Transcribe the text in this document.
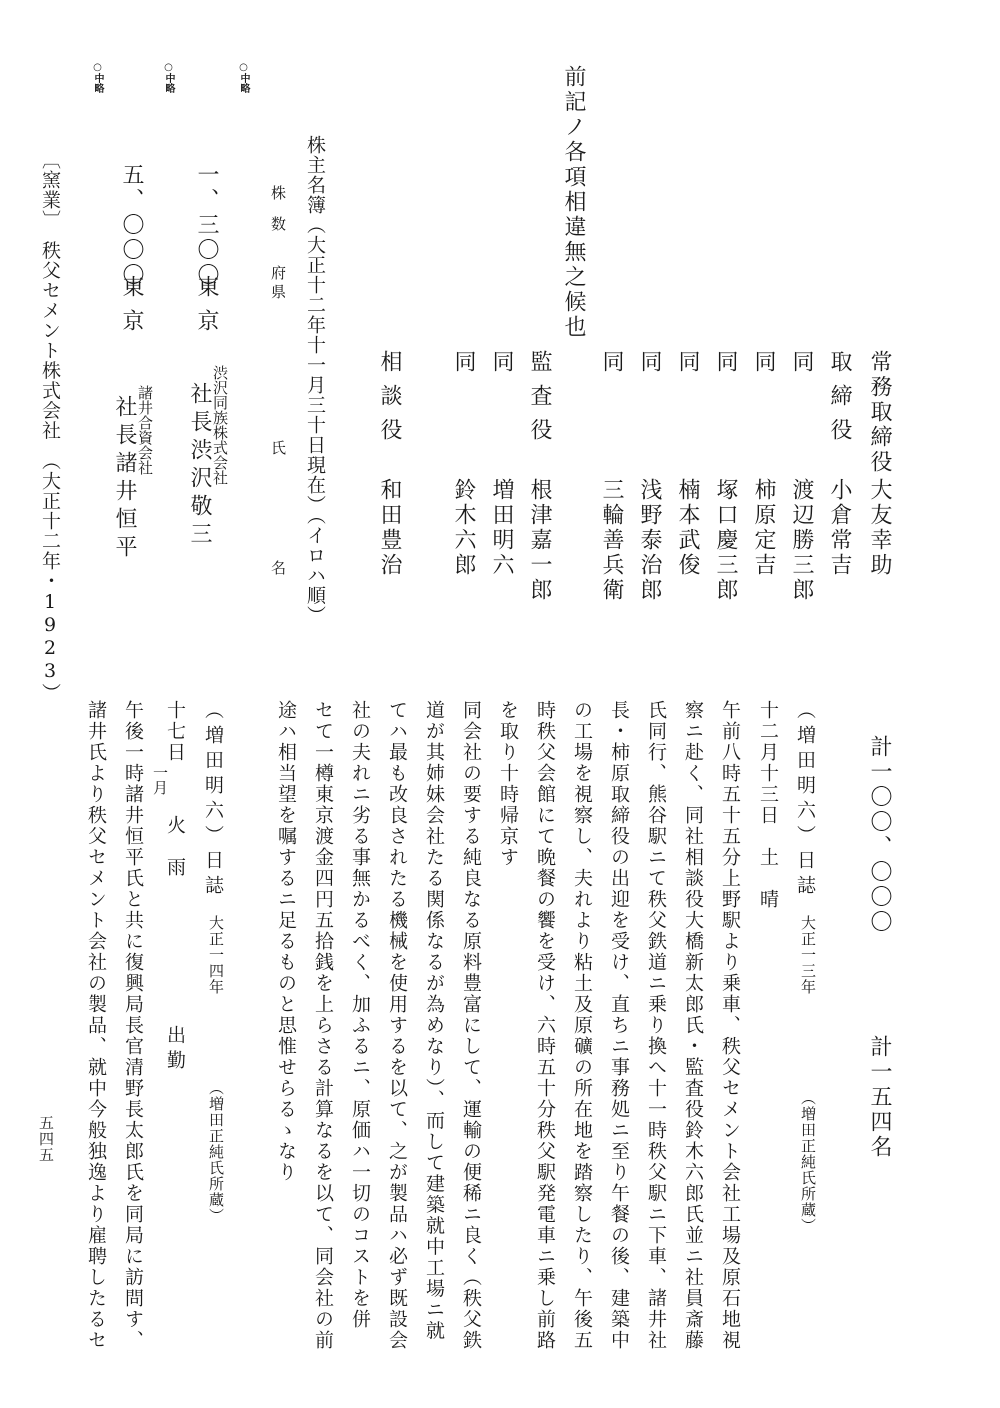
計一〇〇、〇〇〇
計一五四名
常務取締役
大友幸助
取締役
小倉常吉
同
渡辺勝三郎
同
柿原定吉
同
塚口慶三郎
同
楠本武俊
同
浅野泰治郎
同
三輪善兵衛
監査役
根津嘉一郎
同
増田明六
同
鈴木六郎
相談役
和田豊治
前記ノ各項相違無之候也
株主名簿（大正十二年十一月三十日現在）（イロハ順）
株数
府県
氏名
○中略
○中略
○中略
一、三〇〇
東京
渋沢同族株式会社
社長渋沢敬三
五、〇〇〇
東京
諸井合資会社
社長諸井恒平
〔窯業〕　秩父セメント株式会社　（大正十二年・1923）
（増田明六）日誌
大正一三年
（増田正純氏所蔵）
十二月十三日　土　晴
午前八時五十五分上野駅より乗車、秩父セメント会社工場及原石地視
察ニ赴く、同社相談役大橋新太郎氏・監査役鈴木六郎氏並ニ社員斎藤
氏同行、熊谷駅ニて秩父鉄道ニ乗り換へ十一時秩父駅ニ下車、諸井社
長・柿原取締役の出迎を受け、直ちニ事務処ニ至り午餐の後、建築中
の工場を視察し、夫れより粘土及原礦の所在地を踏察したり、午後五
時秩父会館にて晩餐の饗を受け、六時五十分秩父駅発電車ニ乗し前路
を取り十時帰京す
同会社の要する純良なる原料豊富にして、運輸の便稀ニ良く（秩父鉄
道が其姉妹会社たる関係なるが為めなり）、而して建築就中工場ニ就
てハ最も改良されたる機械を使用するを以て、之が製品ハ必ず既設会
社の夫れニ劣る事無かるべく、加ふるニ、原価ハ一切のコストを併
セて一樽東京渡金四円五拾銭を上らさる計算なるを以て、同会社の前
途ハ相当望を嘱するニ足るものと思惟せらるゝなり
（増田明六）日誌
大正一四年
（増田正純氏所蔵）
十七日
一月
火　雨
出勤
午後一時諸井恒平氏と共に復興局長官清野長太郎氏を同局に訪問す、
諸井氏より秩父セメント会社の製品、就中今般独逸より雇聘したるセ
五四五
